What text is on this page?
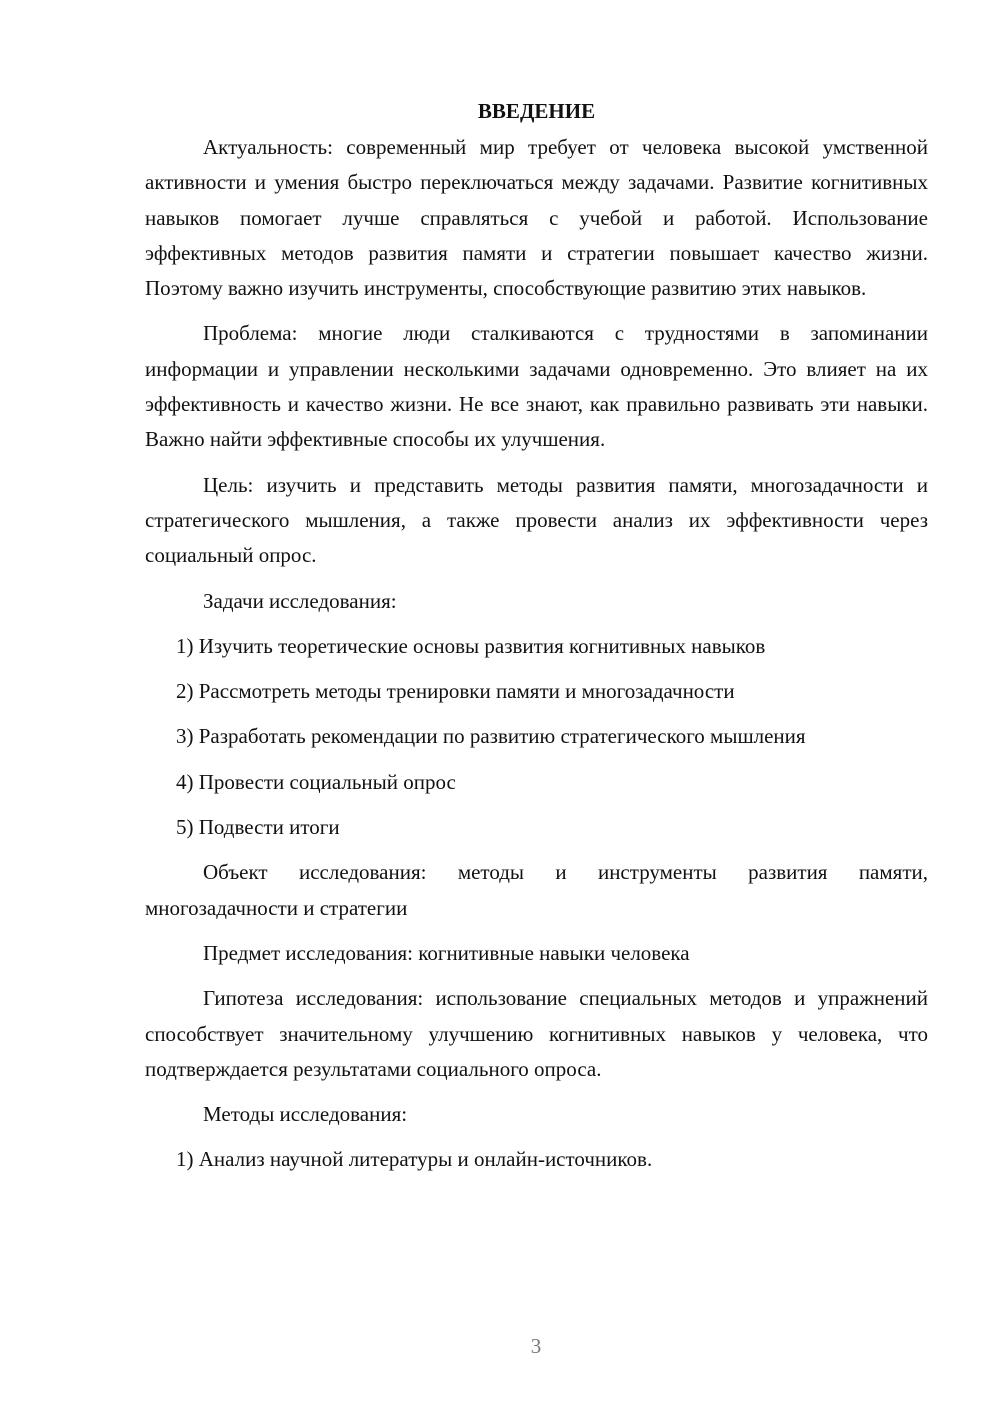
ВВЕДЕНИЕ

Актуальность: современный мир требует от человека высокой умственной активности и умения быстро переключаться между задачами. Развитие когнитивных навыков помогает лучше справляться с учебой и работой. Использование эффективных методов развития памяти и стратегии повышает качество жизни. Поэтому важно изучить инструменты, способствующие развитию этих навыков.

Проблема: многие люди сталкиваются с трудностями в запоминании информации и управлении несколькими задачами одновременно. Это влияет на их эффективность и качество жизни. Не все знают, как правильно развивать эти навыки. Важно найти эффективные способы их улучшения.

Цель: изучить и представить методы развития памяти, многозадачности и стратегического мышления, а также провести анализ их эффективности через социальный опрос.

Задачи исследования:

1) Изучить теоретические основы развития когнитивных навыков

2) Рассмотреть методы тренировки памяти и многозадачности

3) Разработать рекомендации по развитию стратегического мышления

4) Провести социальный опрос

5) Подвести итоги

Объект исследования: методы и инструменты развития памяти, многозадачности и стратегии

Предмет исследования: когнитивные навыки человека

Гипотеза исследования: использование специальных методов и упражнений способствует значительному улучшению когнитивных навыков у человека, что подтверждается результатами социального опроса.

Методы исследования:

1) Анализ научной литературы и онлайн-источников.

3
